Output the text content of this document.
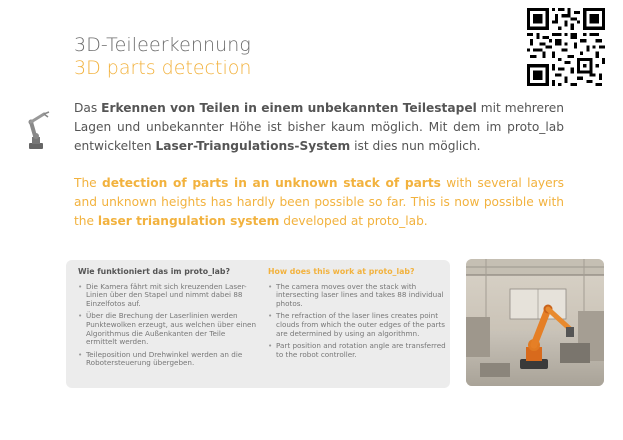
3D-Teileerkennung
3D parts detection
Das Erkennen von Teilen in einem unbekannten Teilestapel mit mehreren Lagen und unbekannter Höhe ist bisher kaum möglich. Mit dem im proto_lab entwickelten Laser-Triangulations-System ist dies nun möglich.
The detection of parts in an unknown stack of parts with several layers and unknown heights has hardly been possible so far. This is now possible with the laser triangulation system developed at proto_lab.
Wie funktioniert das im proto_lab?
• Die Kamera fährt mit sich kreuzenden Laser-Linien über den Stapel und nimmt dabei 88 Einzelfotos auf.
• Über die Brechung der Laserlinien werden Punktewolken erzeugt, aus welchen über einen Algorithmus die Außenkanten der Teile ermittelt werden.
• Teileposition und Drehwinkel werden an die Robotersteuerung übergeben.
How does this work at proto_lab?
• The camera moves over the stack with intersecting laser lines and takes 88 individual photos.
• The refraction of the laser lines creates point clouds from which the outer edges of the parts are determined by using an algorithmn.
• Part position and rotation angle are transferred to the robot controller.
